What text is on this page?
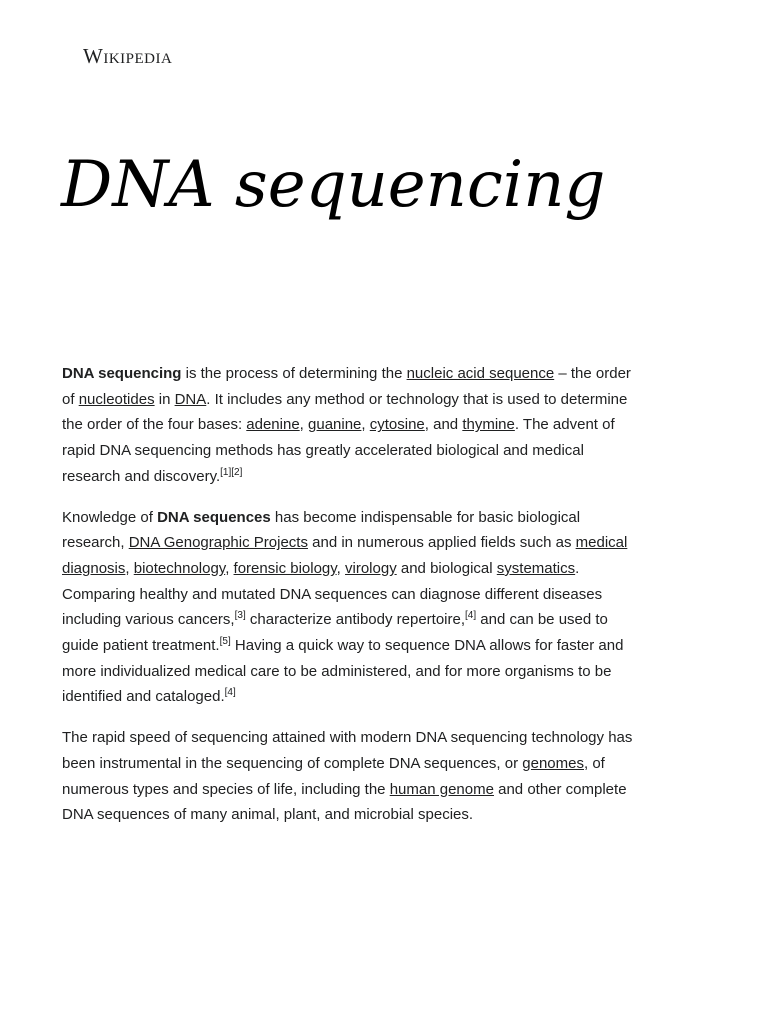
Wikipedia
DNA sequencing

DNA sequencing is the process of determining the nucleic acid sequence – the order of nucleotides in DNA. It includes any method or technology that is used to determine the order of the four bases: adenine, guanine, cytosine, and thymine. The advent of rapid DNA sequencing methods has greatly accelerated biological and medical research and discovery.[1][2]

Knowledge of DNA sequences has become indispensable for basic biological research, DNA Genographic Projects and in numerous applied fields such as medical diagnosis, biotechnology, forensic biology, virology and biological systematics. Comparing healthy and mutated DNA sequences can diagnose different diseases including various cancers,[3] characterize antibody repertoire,[4] and can be used to guide patient treatment.[5] Having a quick way to sequence DNA allows for faster and more individualized medical care to be administered, and for more organisms to be identified and cataloged.[4]

The rapid speed of sequencing attained with modern DNA sequencing technology has been instrumental in the sequencing of complete DNA sequences, or genomes, of numerous types and species of life, including the human genome and other complete DNA sequences of many animal, plant, and microbial species.
